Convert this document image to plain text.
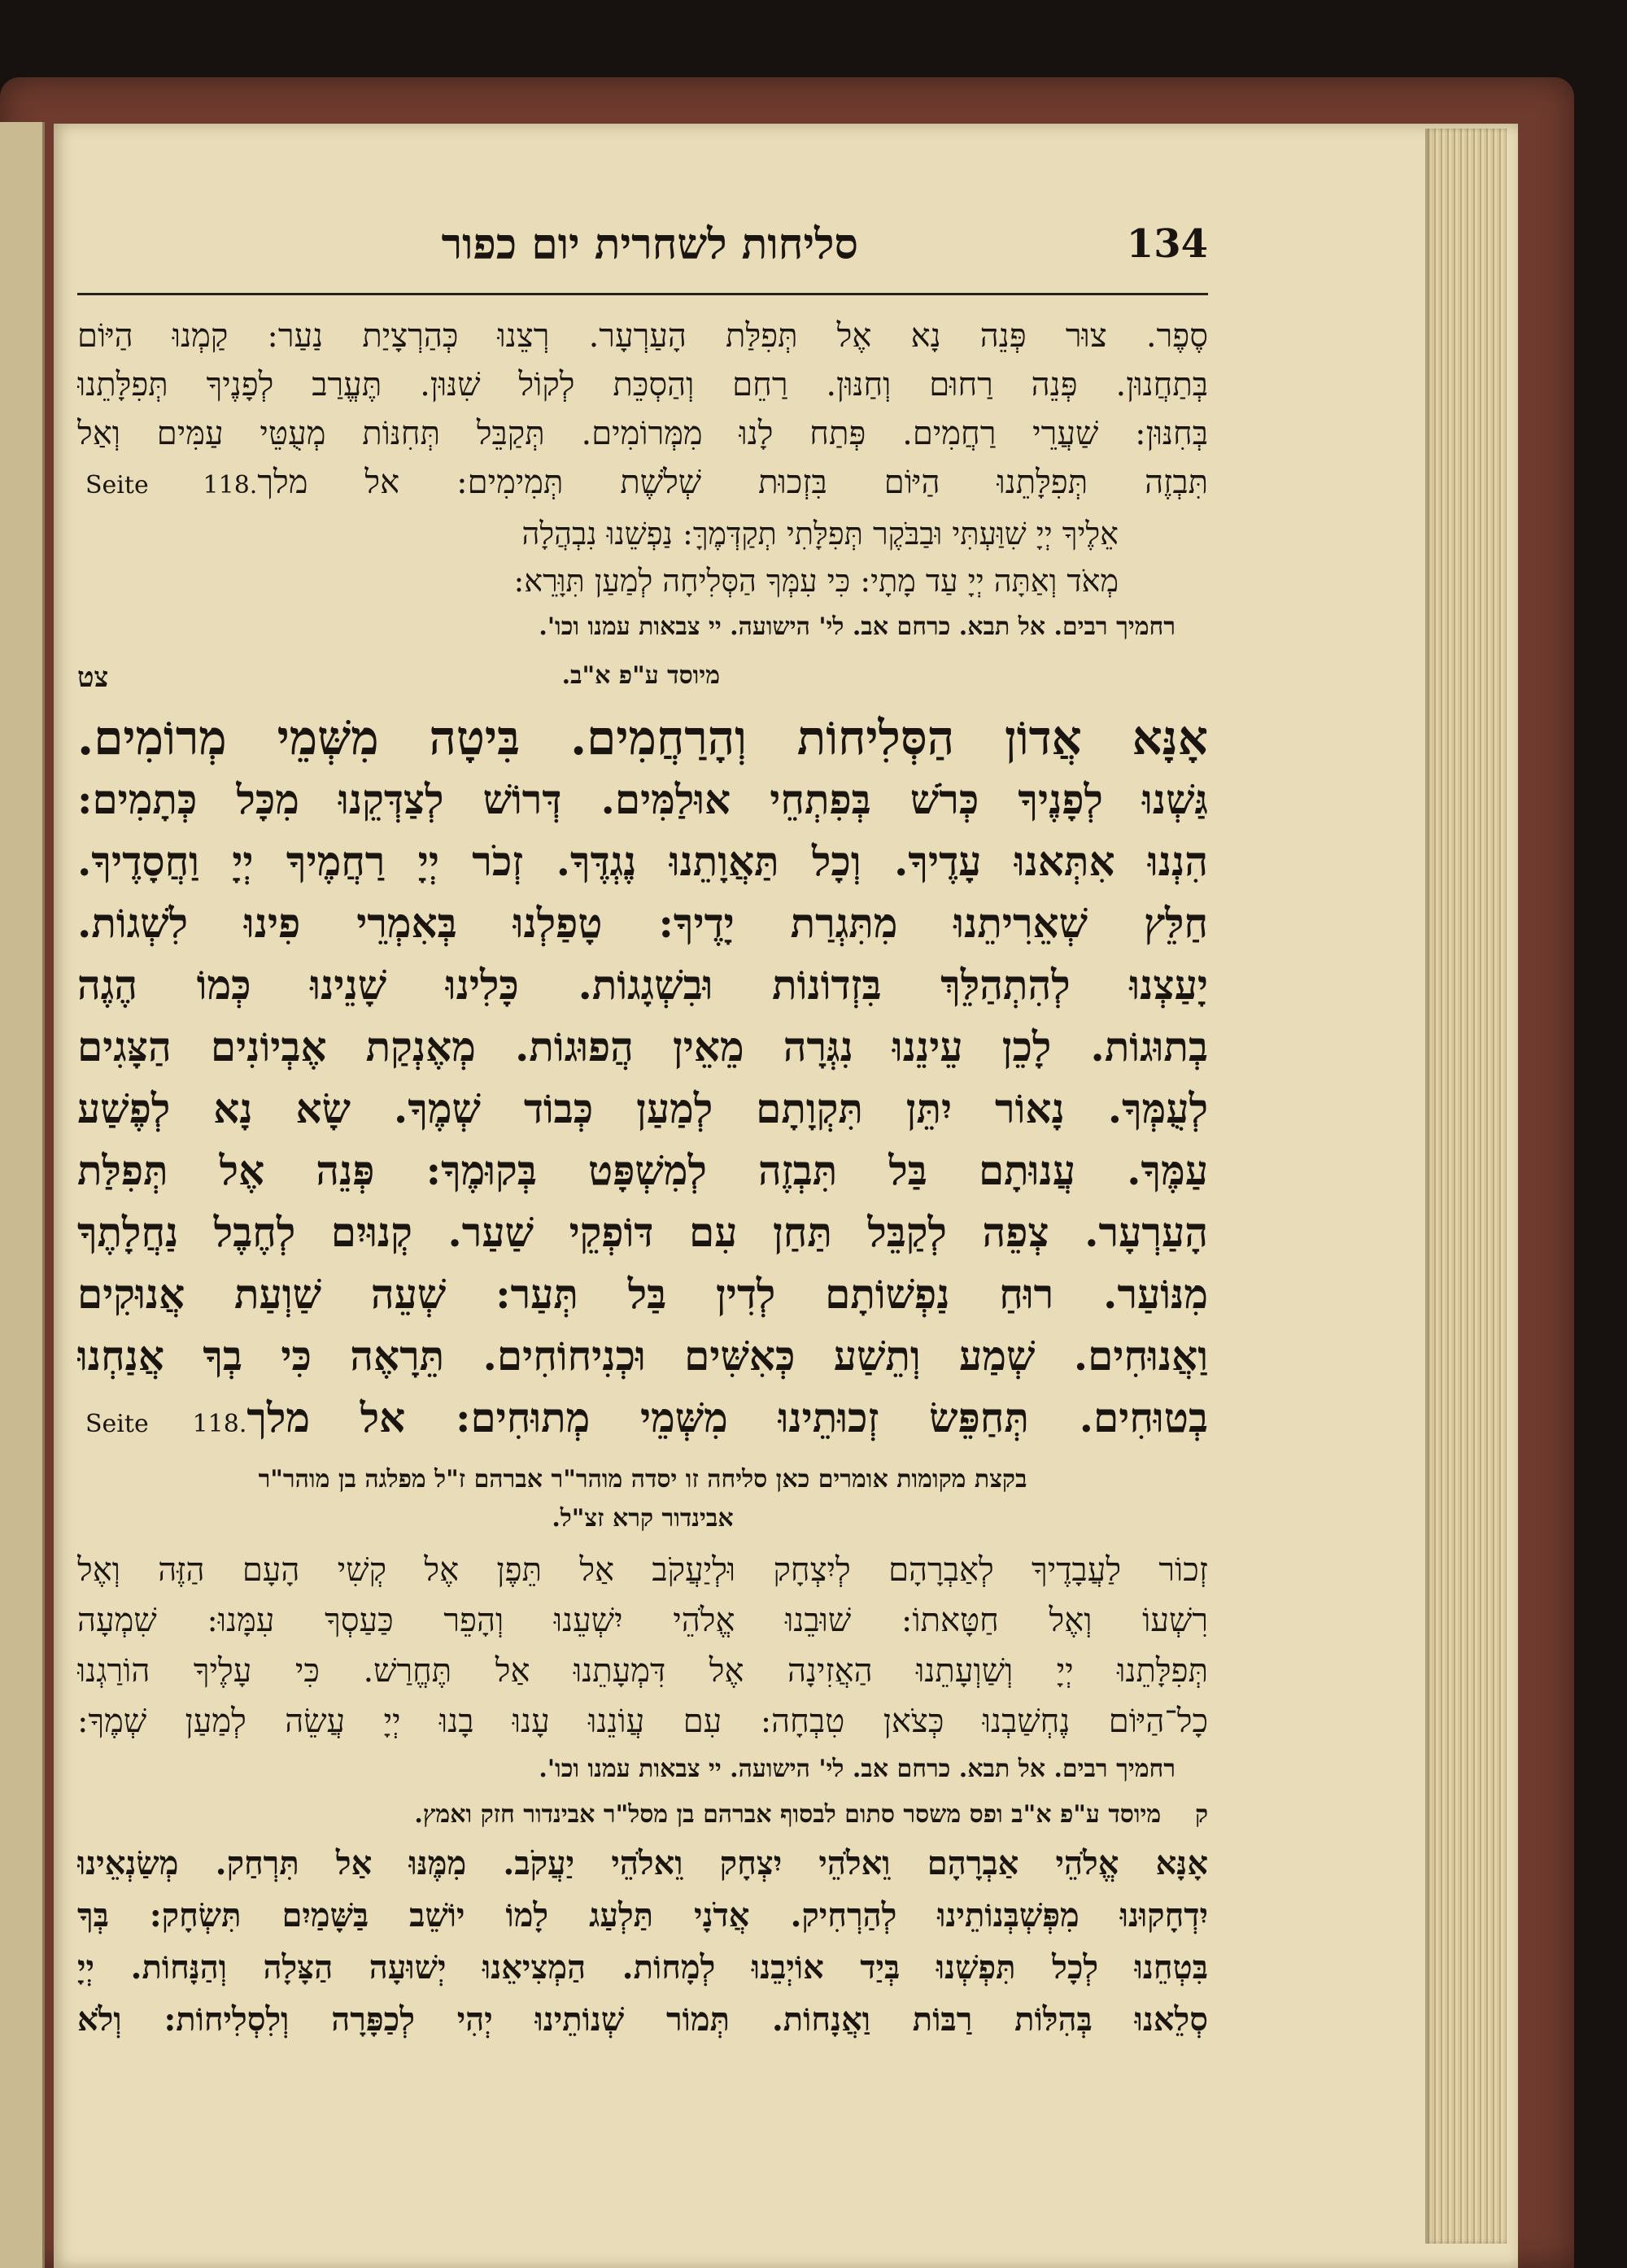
סליחות לשחרית יום כפור	134

סֶפֶר. צוּר פְּנֵה נָא אֶל תְּפִלַּת הָעַרְעָר. רְצֵנוּ כְּהַרְצָיַת נַעַר: קַמְנוּ הַיּוֹם

בְּתַחֲנוּן. פְּנֵה רַחוּם וְחַנּוּן. רַחֵם וְהַסְכֵּת לְקוֹל שִׁנּוּן. תֶּעֱרַב לְפָנֶיךָ תְּפִלָּתֵנוּ

בְּחִנּוּן: שַׁעֲרֵי רַחֲמִים. פְּתַח לָנוּ מִמְּרוֹמִים. תְּקַבֵּל תְּחִנּוֹת מְעֻטֵּי עַמִּים וְאַל

תִּבְזֶה תְּפִלָּתֵנוּ הַיּוֹם בִּזְכוּת שְׁלֹשֶׁת תְּמִימִים: אל מלךSeite 118.

אֵלֶיךָ יְיָ שִׁוַּעְתִּי וּבַבֹּקֶר תְּפִלָּתִי תְקַדְּמֶךָּ: נַפְשֵׁנוּ נִבְהֲלָה

מְאֹד וְאַתָּה יְיָ עַד מָתָי: כִּי עִמְּךָ הַסְּלִיחָה לְמַעַן תִּוָּרֵא:

רחמיך רבים. אל תבא. כרחם אב. לי' הישועה. יי צבאות עמנו וכו'.
מיוסד ע"פ א"ב.
צט

אָנָּא אֲדוֹן הַסְּלִיחוֹת וְהָרַחֲמִים. בִּיטָה מִשְּׁמֵי מְרוֹמִים.

גַּשְׁנוּ לְפָנֶיךָ כְּרֹשׁ בְּפִתְחֵי אוּלַמִּים. דְּרוֹשׁ לְצַדְּקֵנוּ מִכָּל כְּתָמִים:

הִנְנוּ אִתְּאנוּ עָדֶיךָ. וְכָל תַּאֲוָתֵנוּ נֶגְדֶּךָ. זְכֹר יְיָ רַחֲמֶיךָ יְיָ וַחֲסָדֶיךָ.

חַלֵּץ שְׁאֵרִיתֵנוּ מִתִּגְרַת יָדֶיךָ: טָפַלְנוּ בְּאִמְרֵי פִינוּ לִשְׁגוֹת.

יָעַצְנוּ לְהִתְהַלֵּךְ בִּזְדוֹנוֹת וּבִשְׁגָגוֹת. כָּלִינוּ שָׁנֵינוּ כְּמוֹ הֶגֶה

בְתוּגוֹת. לָכֵן עֵינֵנוּ נִגְּרָה מֵאֵין הֲפוּגוֹת. מְאֶנְקַת אֶבְיוֹנִים הַצָּגִים

לְעֻמְּךָ. נָאוֹר יִתֵּן תִּקְוָתָם לְמַעַן כְּבוֹד שְׁמֶךָ. שָׂא נָא לְפֶשַׁע

עַמֶּךָ. עֲנוּתָם בַּל תִּבְזֶה לְמִשְׁפָּט בְּקוּמֶךָ: פְּנֵה אֶל תְּפִלַּת

הָעַרְעָר. צְפֵה לְקַבֵּל תַּחַן עִם דּוֹפְקֵי שַׁעַר. קְנוּיִם לְחֶבֶל נַחֲלָתֶךָ

מִנּוֹעַר. רוּחַ נַפְשׁוֹתָם לְדִין בַּל תְּעַר: שְׁעֵה שַׁוְעַת אֲנוּקִים

וַאֲנוּחִים. שְׁמַע וְתֵשַׁע כְּאִשִּׁים וּכְנִיחוֹחִים. תֵּרָאֶה כִּי בְךָ אֲנַחְנוּ

בְטוּחִים. תְּחַפֵּשׂ זְכוּתֵינוּ מִשְּׁמֵי מְתוּחִים: אל מלךSeite 118.

בקצת מקומות אומרים כאן סליחה זו יסדה מוהר"ר אברהם ז"ל מפלגה בן מוהר"ר
אבינדור קרא זצ"ל.

זְכוֹר לַעֲבָדֶיךָ לְאַבְרָהָם לְיִצְחָק וּלְיַעֲקֹב אַל תֵּפֶן אֶל קְשִׁי הָעָם הַזֶּה וְאֶל

רִשְׁעוֹ וְאֶל חַטָּאתוֹ: שׁוּבֵנוּ אֱלֹהֵי יִשְׁעֵנוּ וְהָפֵר כַּעַסְךָ עִמָּנוּ: שִׁמְעָה

תְּפִלָּתֵנוּ יְיָ וְשַׁוְעָתֵנוּ הַאֲזִינָה אֶל דִּמְעָתֵנוּ אַל תֶּחֱרַשׁ. כִּי עָלֶיךָ הוֹרַגְנוּ

כָל־הַיּוֹם נֶחְשַׁבְנוּ כְּצֹאן טִבְחָה: עִם עֲוֹנֵנוּ עָנוּ בָנוּ יְיָ עֲשֵׂה לְמַעַן שְׁמֶךָ:

רחמיך רבים. אל תבא. כרחם אב. לי' הישועה. יי צבאות עמנו וכו'.
ק    מיוסד ע"פ א"ב ופס משסר סתום לבסוף אברהם בן מסל"ר אבינדור חזק ואמץ.

אָנָּא אֱלֹהֵי אַבְרָהָם וֵאלֹהֵי יִצְחָק וֵאלֹהֵי יַעֲקֹב. מִמֶּנּוּ אַל תִּרְחַק. מְשַׂנְאֵינוּ

יִדְחָקוּנוּ מִפְּשְׁבְּנוֹתֵינוּ לְהַרְחִיק. אֲדֹנָי תַּלְעַג לָמוֹ יוֹשֵׁב בַּשָּׁמַיִם תִּשְׂחָק: בְּךָ

בִּטְחֵנוּ לְכָל תִּפְשְׁנוּ בְּיַד אוֹיְבֵנוּ לְמָחוֹת. הַמְצִיאֵנוּ יְשׁוּעָה הַצָּלָה וְהַנָּחוֹת. יְיָ

סְלֵאנוּ בְּהִלּוֹת רַבּוֹת וַאֲנָחוֹת. תְּמוֹר שְׁנוֹתֵינוּ יְהִי לְכַפָּרָה וְלִסְלִיחוֹת: וְלֹא
